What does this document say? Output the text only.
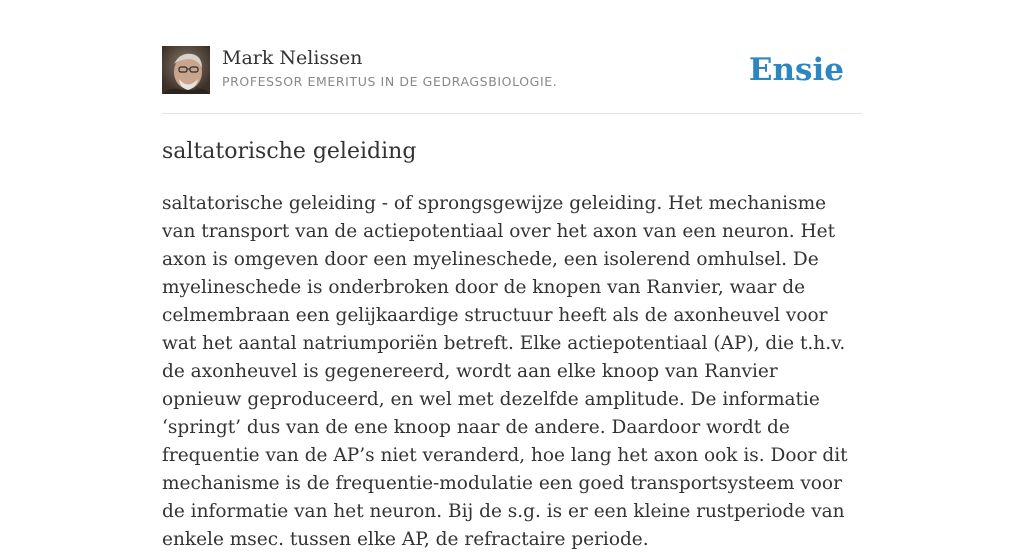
Mark Nelissen
PROFESSOR EMERITUS IN DE GEDRAGSBIOLOGIE.	Ensie
saltatorische geleiding

saltatorische geleiding - of sprongsgewijze geleiding. Het mechanisme van transport van de actiepotentiaal over het axon van een neuron. Het axon is omgeven door een myelineschede, een isolerend omhulsel. De myelineschede is onderbroken door de knopen van Ranvier, waar de celmembraan een gelijkaardige structuur heeft als de axonheuvel voor wat het aantal natriumporiën betreft. Elke actiepotentiaal (AP), die t.h.v. de axonheuvel is gegenereerd, wordt aan elke knoop van Ranvier opnieuw geproduceerd, en wel met dezelfde amplitude. De informatie ‘springt’ dus van de ene knoop naar de andere. Daardoor wordt de frequentie van de AP’s niet veranderd, hoe lang het axon ook is. Door dit mechanisme is de frequentie-modulatie een goed transportsysteem voor de informatie van het neuron. Bij de s.g. is er een kleine rustperiode van enkele msec. tussen elke AP, de refractaire periode.
